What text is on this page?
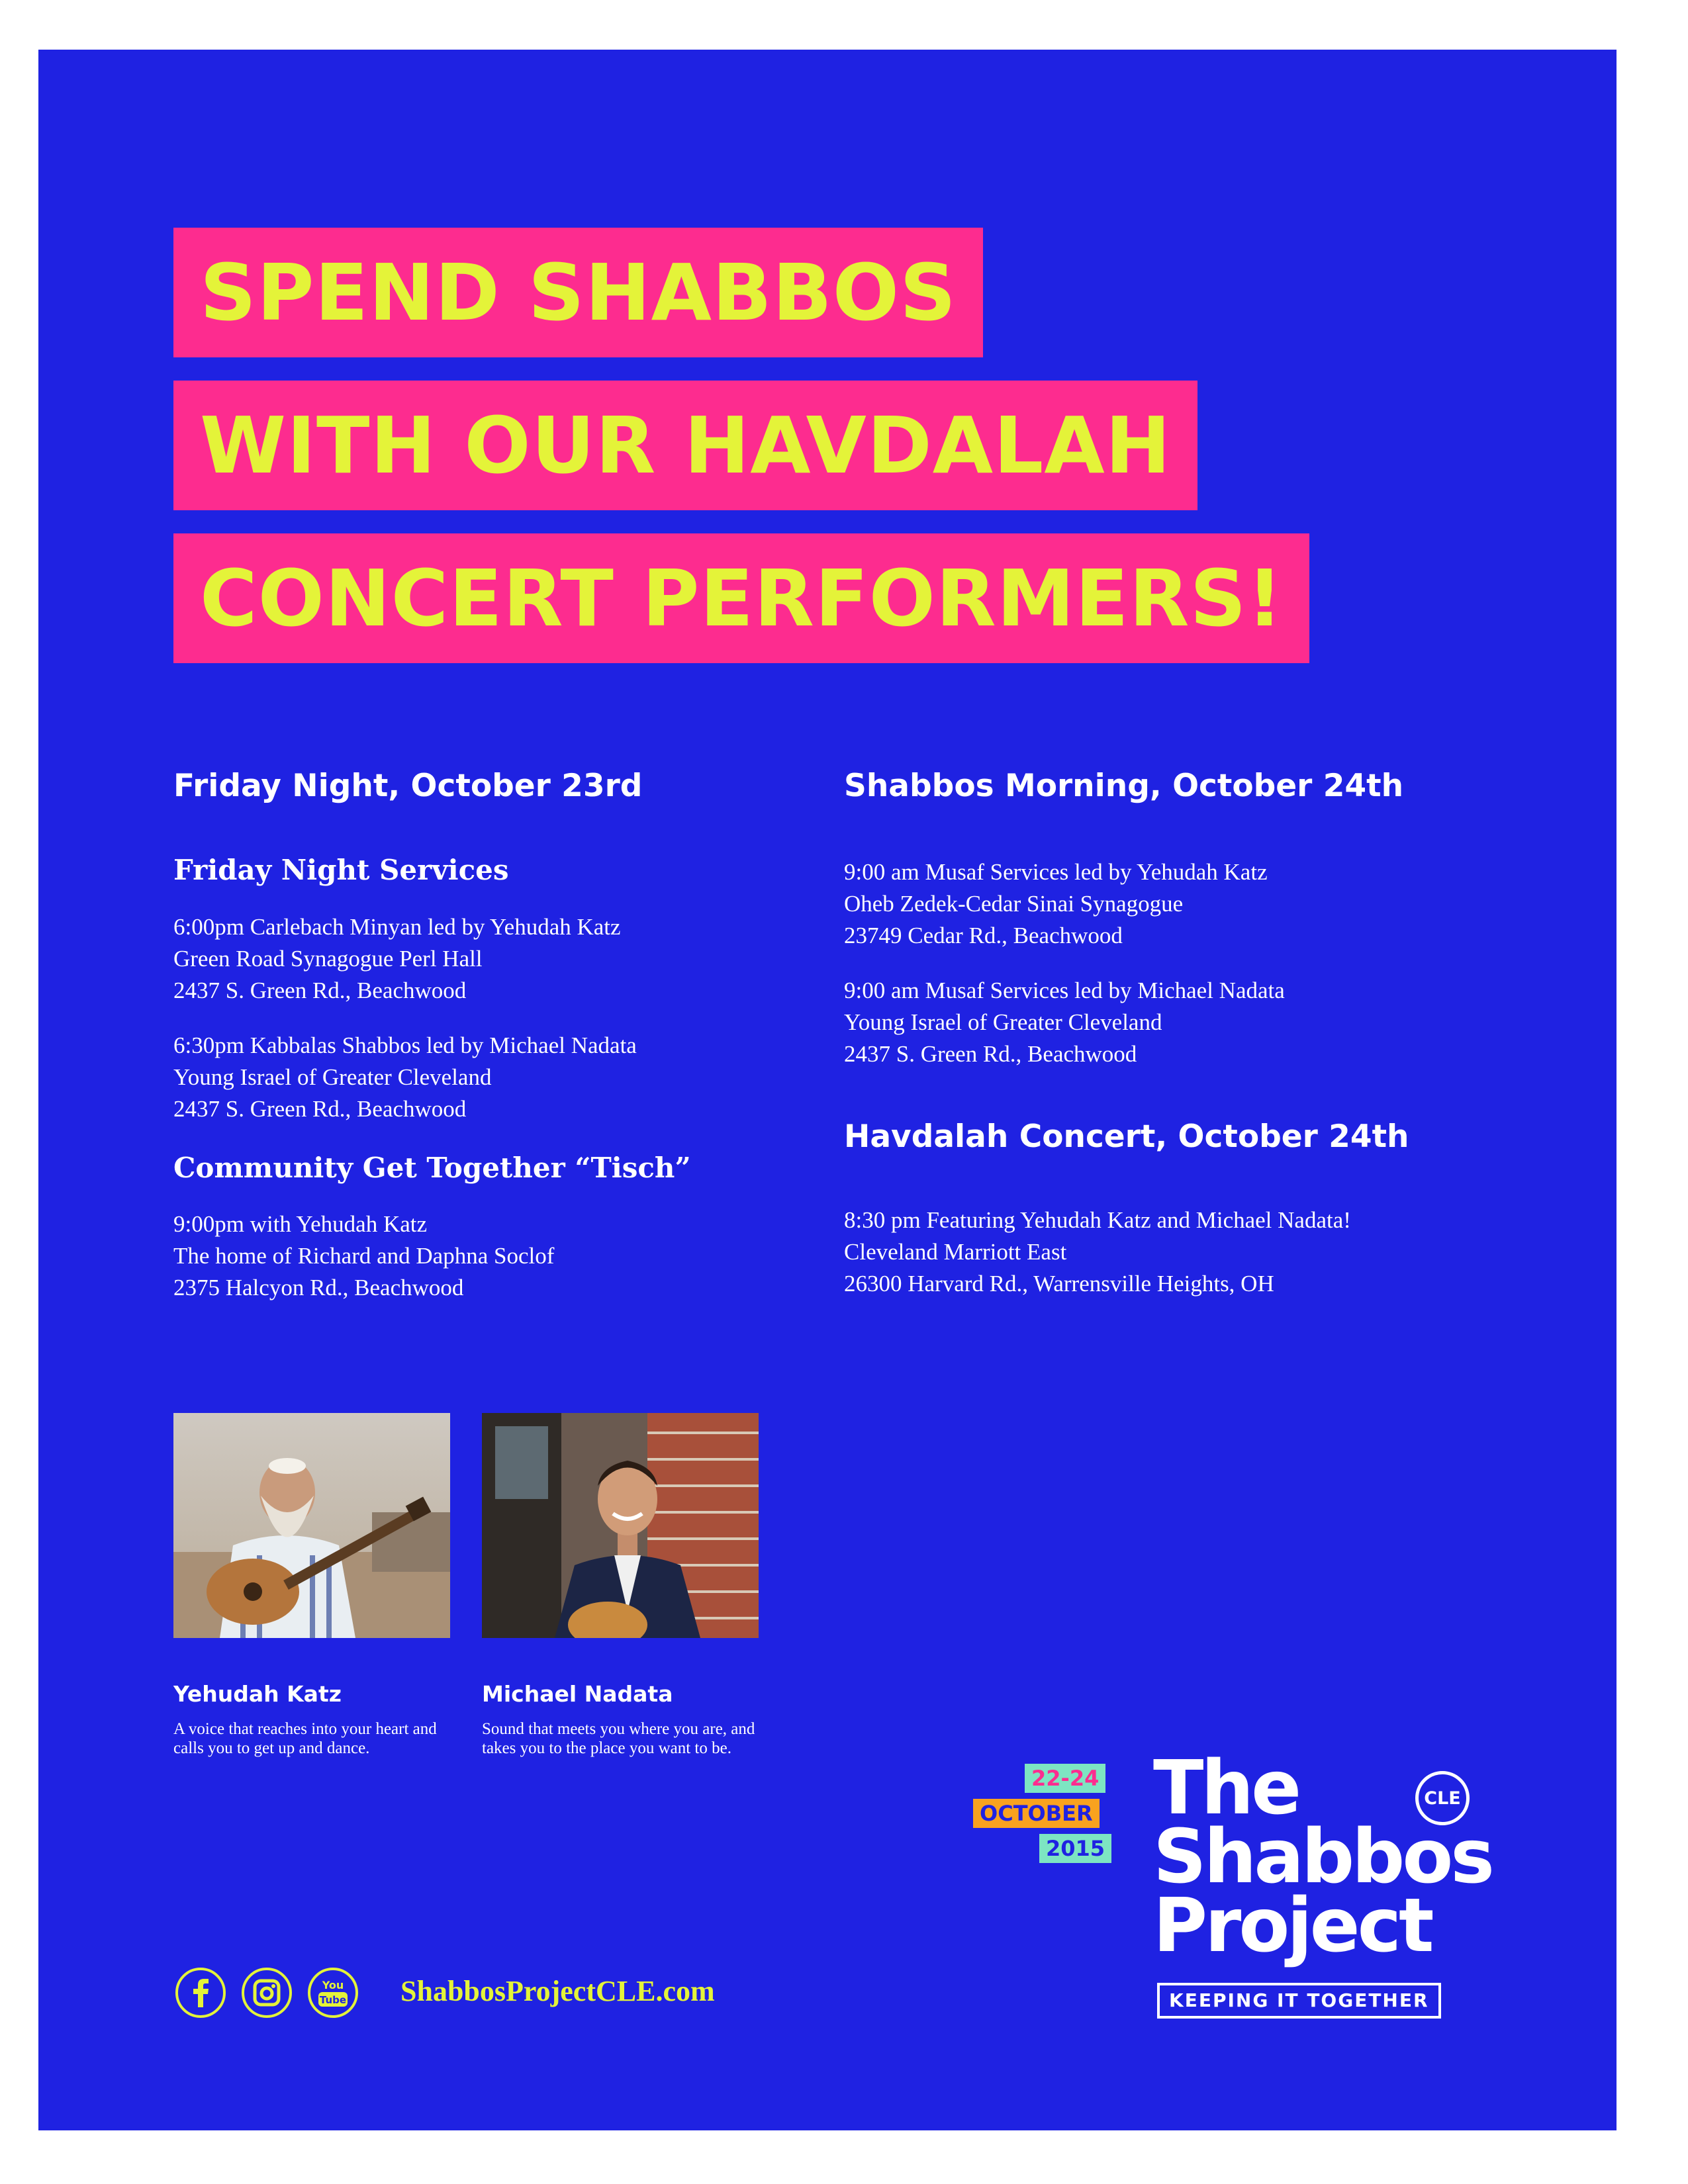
SPEND SHABBOS
WITH OUR HAVDALAH
CONCERT PERFORMERS!
Friday Night, October 23rd
Friday Night Services
6:00pm Carlebach Minyan led by Yehudah Katz
Green Road Synagogue Perl Hall
2437 S. Green Rd., Beachwood
6:30pm Kabbalas Shabbos led by Michael Nadata
Young Israel of Greater Cleveland
2437 S. Green Rd., Beachwood
Community Get Together “Tisch”
9:00pm with Yehudah Katz
The home of Richard and Daphna Soclof
2375 Halcyon Rd., Beachwood
Shabbos Morning, October 24th
9:00 am Musaf Services led by Yehudah Katz
Oheb Zedek-Cedar Sinai Synagogue
23749 Cedar Rd., Beachwood
9:00 am Musaf Services led by Michael Nadata
Young Israel of Greater Cleveland
2437 S. Green Rd., Beachwood
Havdalah Concert, October 24th
8:30 pm Featuring Yehudah Katz and Michael Nadata!
Cleveland Marriott East
26300 Harvard Rd., Warrensville Heights, OH
Yehudah Katz
A voice that reaches into your heart and calls you to get up and dance.
Michael Nadata
Sound that meets you where you are, and takes you to the place you want to be.
You
Tube ShabbosProjectCLE.com
22-24
OCTOBER
2015
The
Shabbos
Project
CLE
KEEPING IT TOGETHER
